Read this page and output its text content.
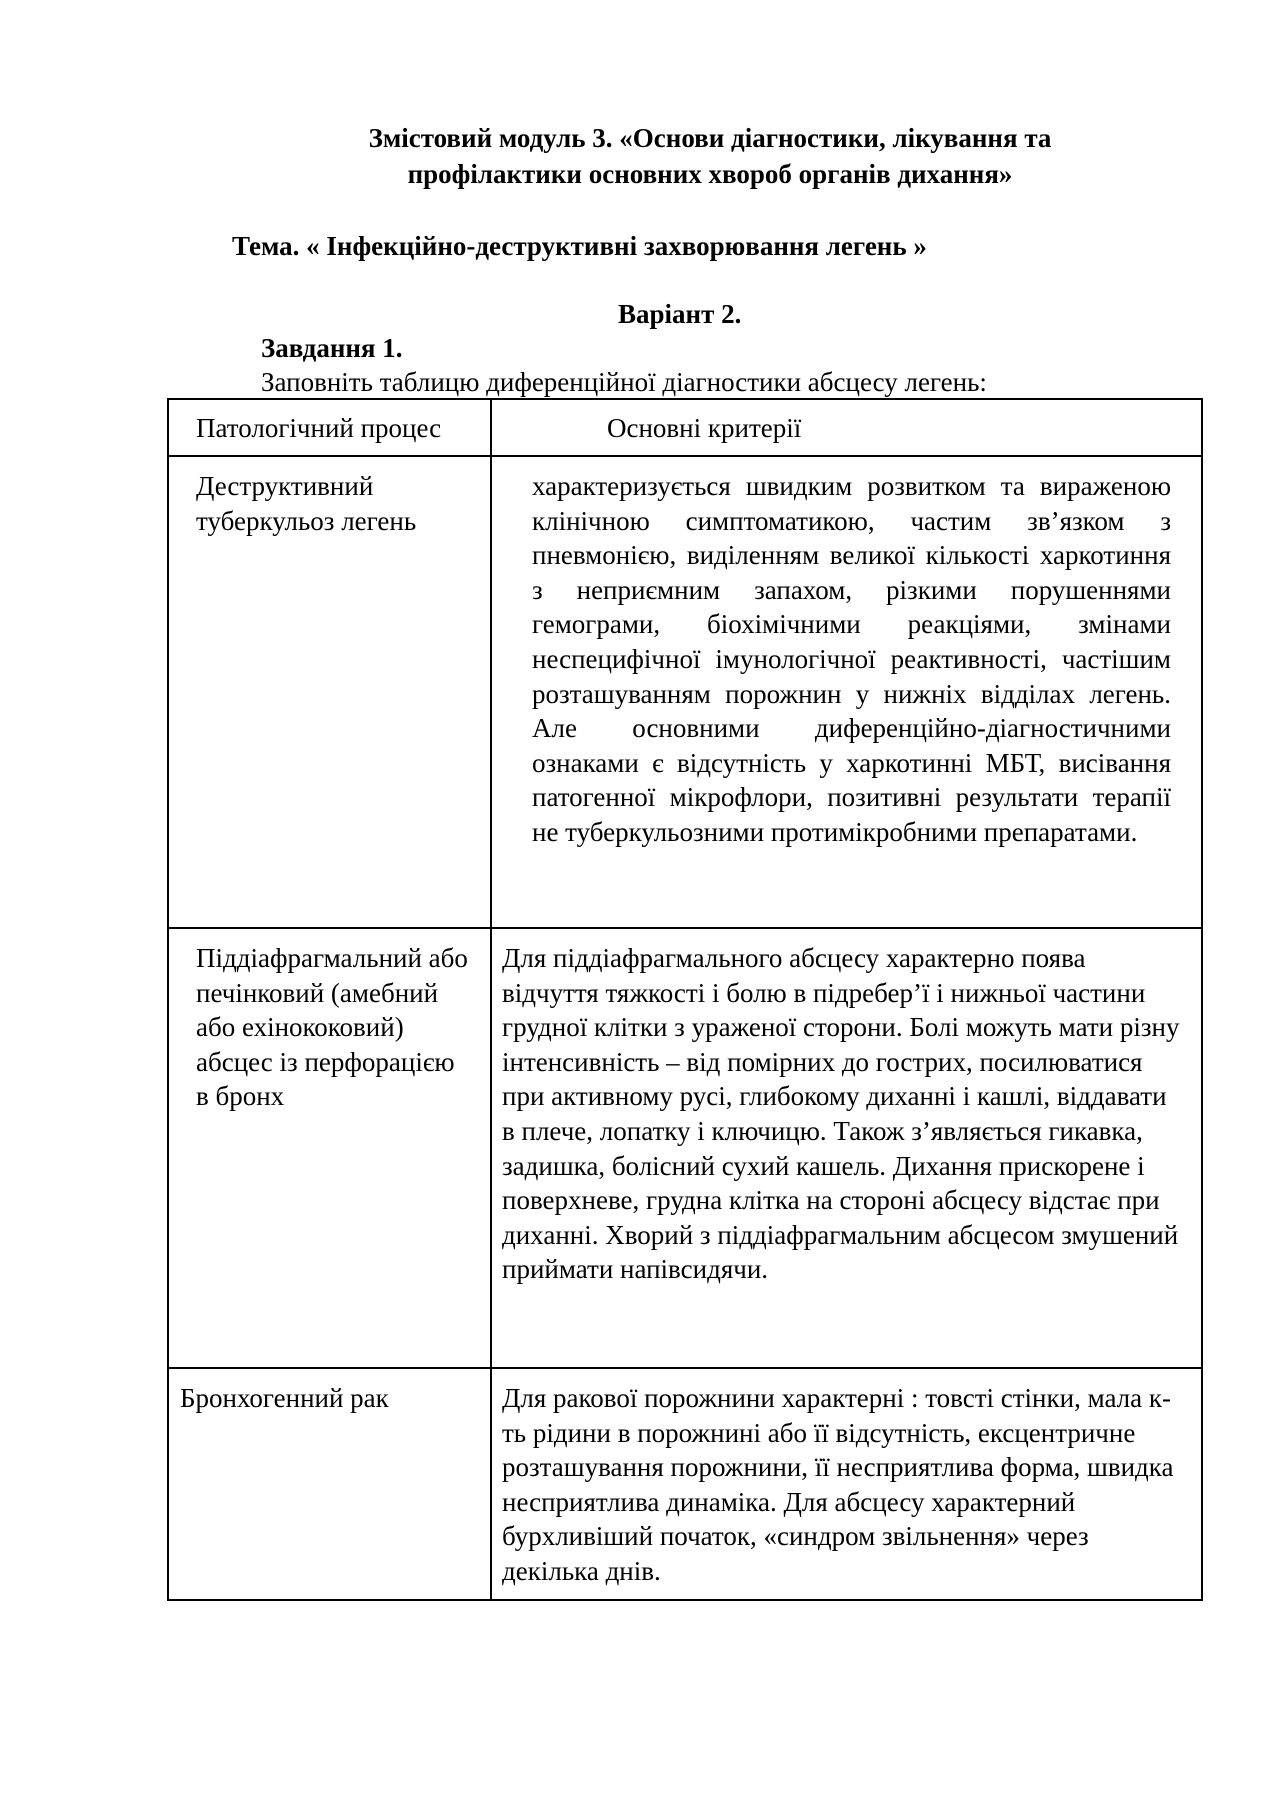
Змістовий модуль 3. «Основи діагностики, лікування та
профілактики основних хвороб органів дихання»

Тема. « Інфекційно-деструктивні захворювання легень »

Варіант 2.

Завдання 1.

Заповніть таблицю диференційної діагностики абсцесу легень:

Патологічний процес	Основні критерії
Деструктивний туберкульоз легень	характеризується швидким розвитком та вираженою клінічною симптоматикою, частим зв’язком з пневмонією, виділенням великої кількості харкотиння з неприємним запахом, різкими порушеннями гемограми, біохімічними реакціями, змінами неспецифічної імунологічної реактивності, частішим розташуванням порожнин у нижніх відділах легень. Але основними диференційно-діагностичними ознаками є відсутність у харкотинні МБТ, висівання патогенної мікрофлори, позитивні результати терапії не туберкульозними протимікробними препаратами.
Піддіафрагмальний або печінковий (амебний або ехінококовий) абсцес із перфорацією в бронх	Для піддіафрагмального абсцесу характерно поява відчуття тяжкості і болю в підребер’ї і нижньої частини грудної клітки з ураженої сторони. Болі можуть мати різну інтенсивність – від помірних до гострих, посилюватися при активному русі, глибокому диханні і кашлі, віддавати в плече, лопатку і ключицю. Також з’являється гикавка, задишка, болісний сухий кашель. Дихання прискорене і поверхневе, грудна клітка на стороні абсцесу відстає при диханні. Хворий з піддіафрагмальним абсцесом змушений приймати напівсидячи.
Бронхогенний рак	Для ракової порожнини характерні : товсті стінки, мала к-ть рідини в порожнині або її відсутність, ексцентричне розташування порожнини, її несприятлива форма, швидка несприятлива динаміка. Для абсцесу характерний бурхливіший початок, «синдром звільнення» через декілька днів.
